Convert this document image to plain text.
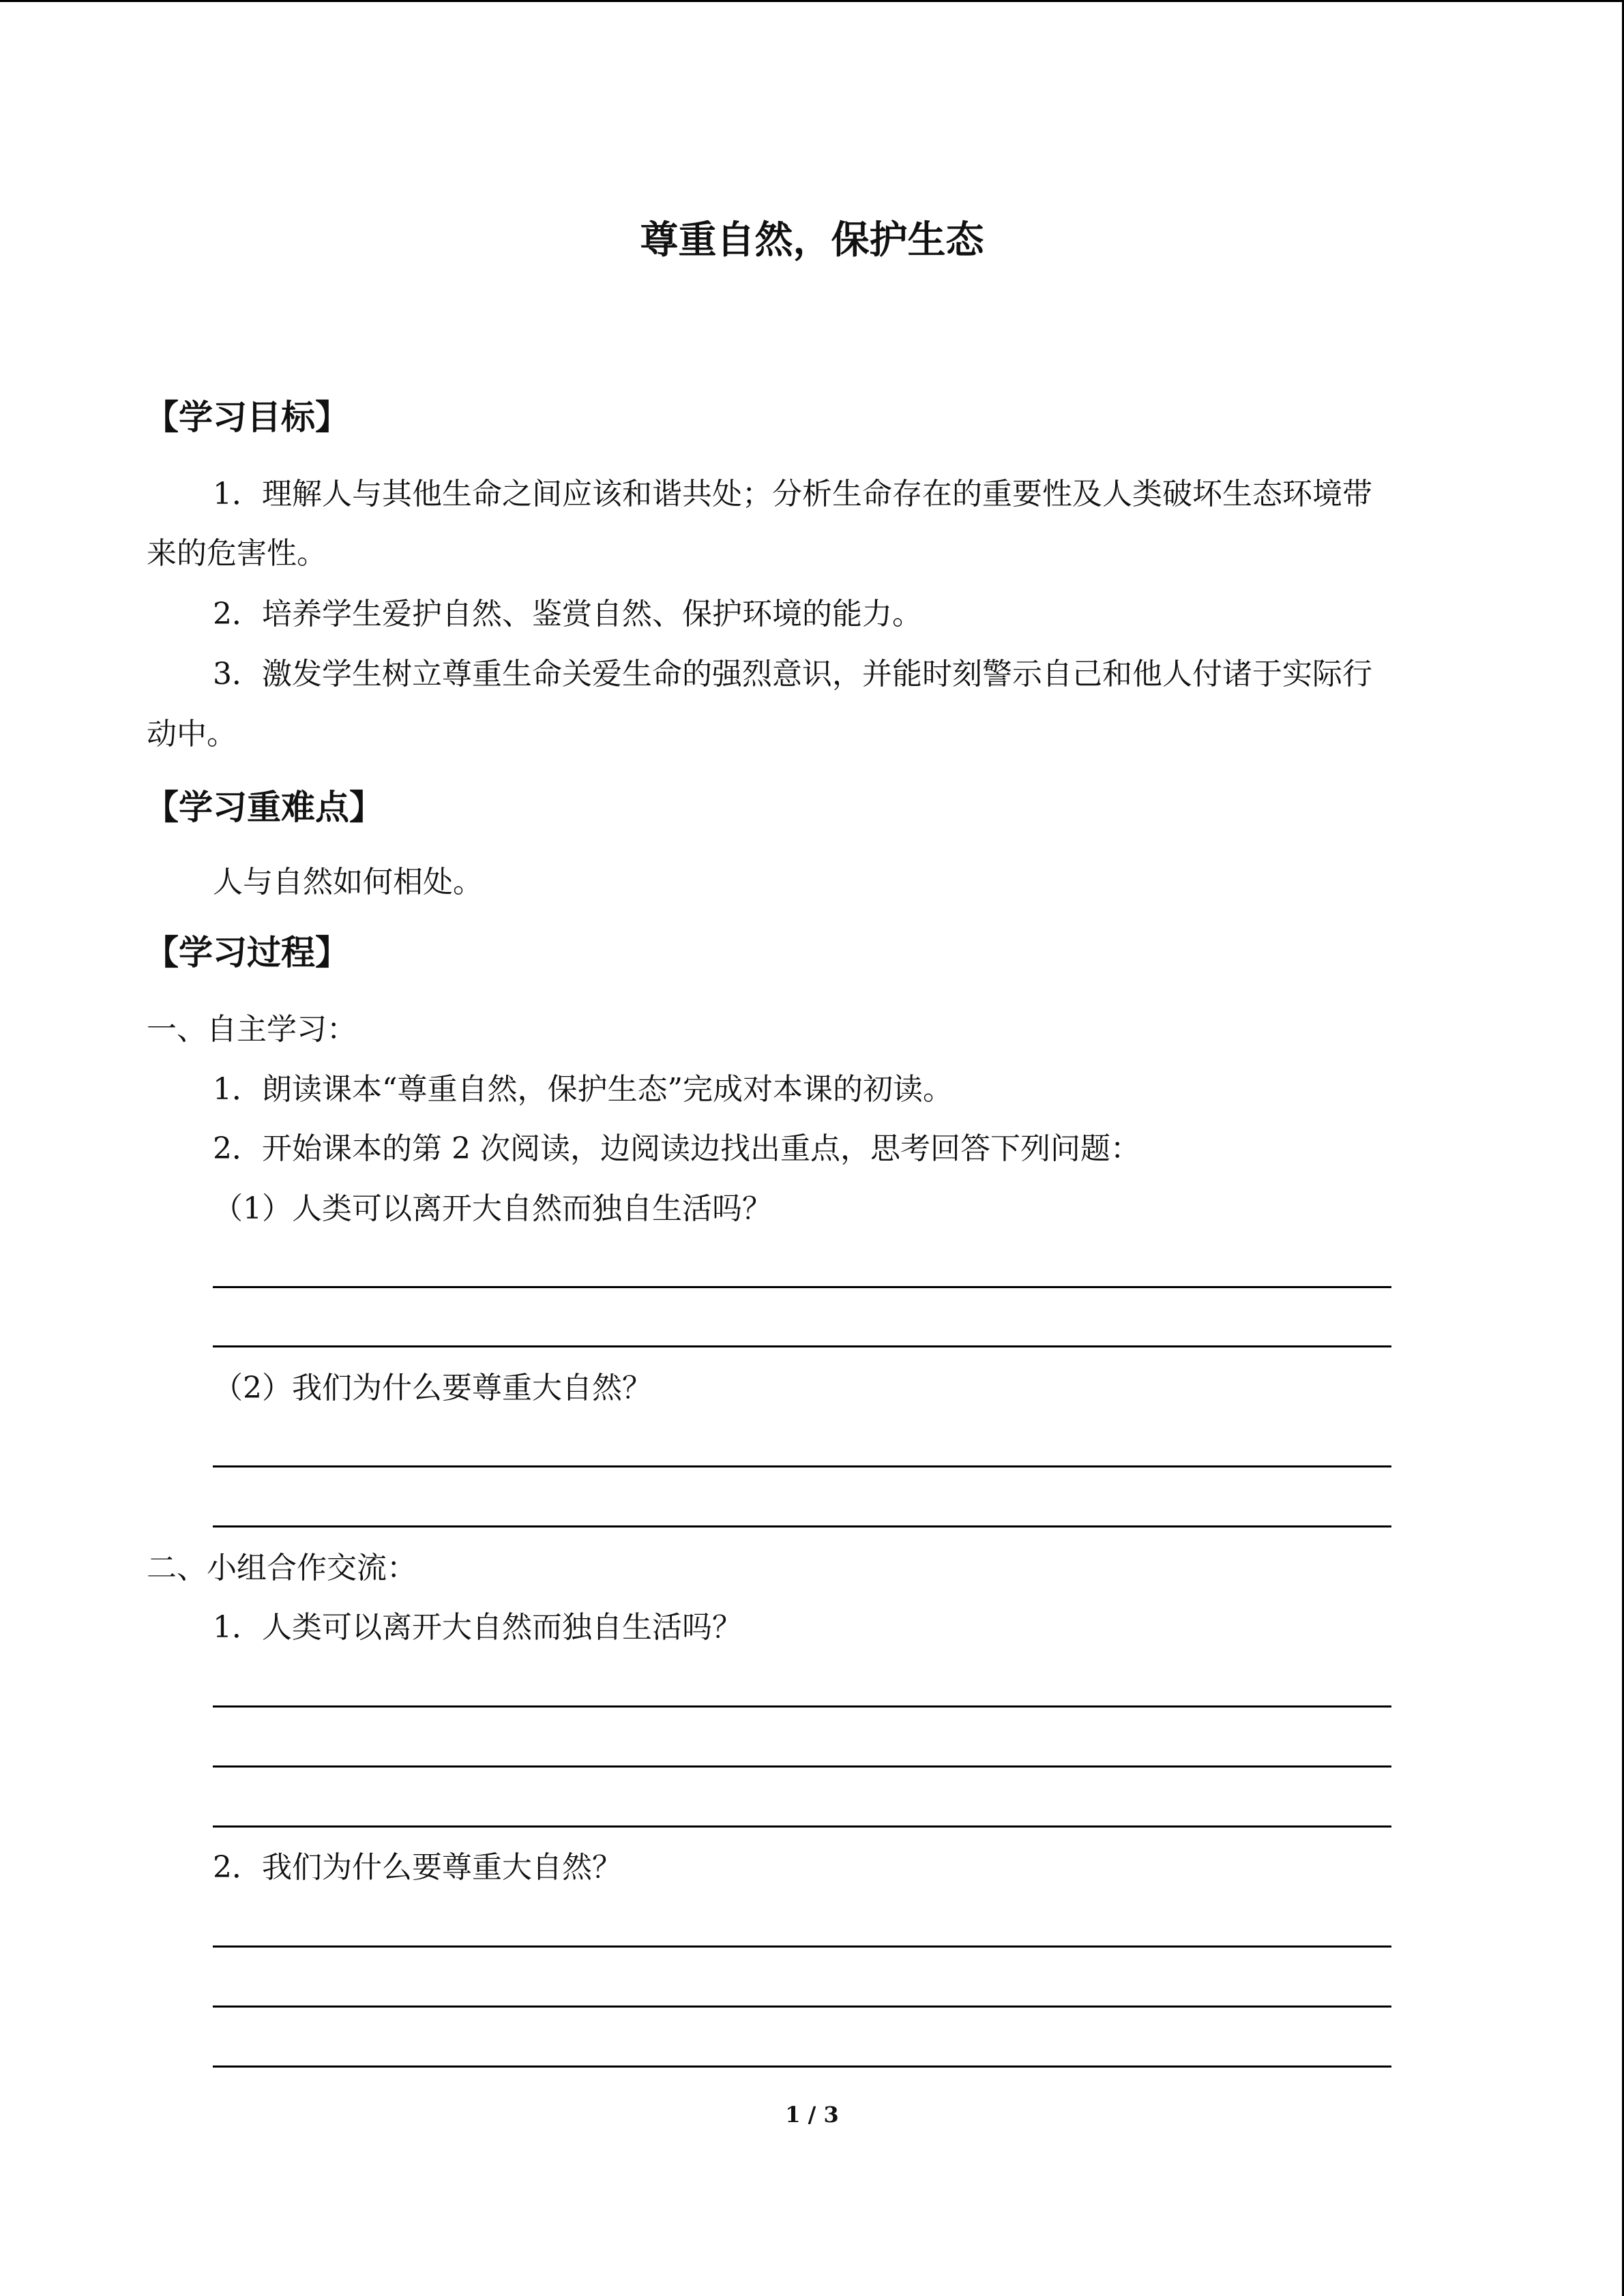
尊重自然，保护生态
【学习目标】
1．理解人与其他生命之间应该和谐共处；分析生命存在的重要性及人类破坏生态环境带
来的危害性。
2．培养学生爱护自然、鉴赏自然、保护环境的能力。
3．激发学生树立尊重生命关爱生命的强烈意识，并能时刻警示自己和他人付诸于实际行
动中。
【学习重难点】
人与自然如何相处。
【学习过程】
一、自主学习：
1．朗读课本“尊重自然，保护生态”完成对本课的初读。
2．开始课本的第 2 次阅读，边阅读边找出重点，思考回答下列问题：
（1）人类可以离开大自然而独自生活吗？
（2）我们为什么要尊重大自然？
二、小组合作交流：
1．人类可以离开大自然而独自生活吗？
2．我们为什么要尊重大自然？
1 / 3
